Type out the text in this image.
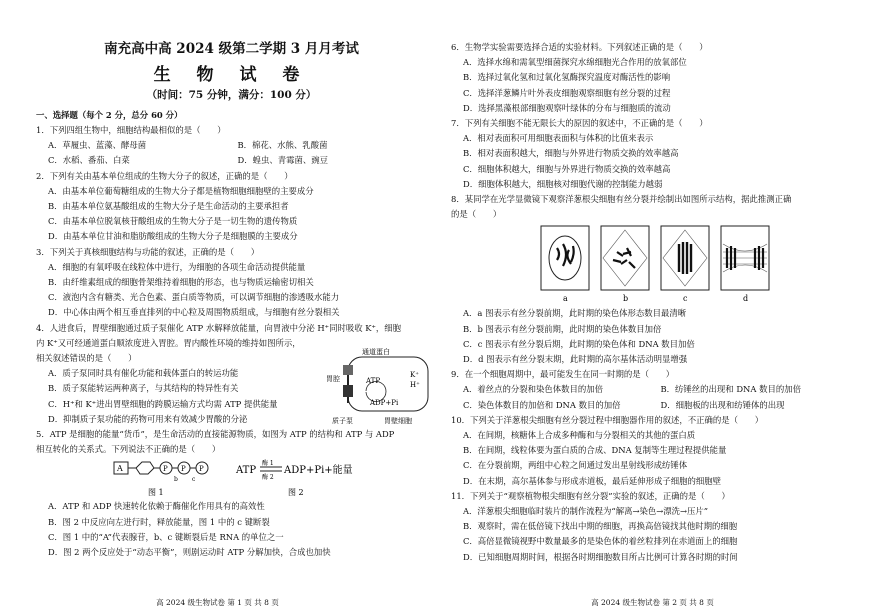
南充高中高 2024 级第二学期 3 月月考试

生 物 试 卷

（时间：75 分钟，满分：100 分）

一、选择题（每个 2 分，总分 60 分）
1．下列四组生物中，细胞结构最相似的是（　　）
A．草履虫、蓝藻、酵母菌	B．棉花、水熊、乳酸菌
C．水稻、番茄、白菜	D．蝗虫、青霉菌、豌豆
2．下列有关由基本单位组成的生物大分子的叙述，正确的是（　　）
A．由基本单位葡萄糖组成的生物大分子都是植物细胞细胞壁的主要成分
B．由基本单位氨基酸组成的生物大分子是生命活动的主要承担者
C．由基本单位脱氧核苷酸组成的生物大分子是一切生物的遗传物质
D．由基本单位甘油和脂肪酸组成的生物大分子是细胞膜的主要成分
3．下列关于真核细胞结构与功能的叙述，正确的是（　　）
A．细胞的有氧呼吸在线粒体中进行，为细胞的各项生命活动提供能量
B．由纤维素组成的细胞骨架维持着细胞的形态，也与物质运输密切相关
C．液泡内含有糖类、光合色素、蛋白质等物质，可以调节细胞的渗透吸水能力
D．中心体由两个相互垂直排列的中心粒及周围物质组成，与细胞有丝分裂相关
4．人进食后，胃壁细胞通过质子泵催化 ATP 水解释放能量，向胃液中分泌 H⁺同时吸收 K⁺，细胞
内 K⁺又可经通道蛋白顺浓度进入胃腔。胃内酸性环境的维持如图所示，
相关叙述错误的是（　　）
A．质子泵同时具有催化功能和载体蛋白的转运功能
B．质子泵能转运两种离子，与其结构的特异性有关
C．H⁺和 K⁺进出胃壁细胞的跨膜运输方式均需 ATP 提供能量
D．抑制质子泵功能的药物可用来有效减少胃酸的分泌
通道蛋白
胃腔	ATP
ADP+Pi
K⁺
H⁺
质子泵	胃壁细胞
5．ATP 是细胞的能量“货币”，是生命活动的直接能源物质，如图为 ATP 的结构和 ATP 与 ADP
相互转化的关系式。下列说法不正确的是（　　）
A	P P P
b c
图 1
ATP
酶 1
酶 2
ADP+Pi+能量
图 2
A．ATP 和 ADP 快速转化依赖于酶催化作用具有的高效性
B．图 2 中反应向左进行时，释放能量，图 1 中的 c 键断裂
C．图 1 中的“A”代表腺苷，b、c 键断裂后是 RNA 的单位之一
D．图 2 两个反应处于“动态平衡”，则剧运动时 ATP 分解加快，合成也加快
高 2024 级生物试卷 第 1 页 共 8 页
6．生物学实验需要选择合适的实验材料。下列叙述正确的是（　　）
A．选择水绵和需氧型细菌探究水绵细胞光合作用的放氧部位
B．选择过氧化氢和过氧化氢酶探究温度对酶活性的影响
C．选择洋葱鳞片叶外表皮细胞观察细胞有丝分裂的过程
D．选择黑藻根部细胞观察叶绿体的分布与细胞质的流动
7．下列有关细胞不能无限长大的原因的叙述中，不正确的是（　　）
A．相对表面积可用细胞表面积与体积的比值来表示
B．相对表面积越大，细胞与外界进行物质交换的效率越高
C．细胞体积越大，细胞与外界进行物质交换的效率越高
D．细胞体积越大，细胞核对细胞代谢的控制能力越弱
8．某同学在光学显微镜下观察洋葱根尖细胞有丝分裂并绘制出如图所示结构，据此推测正确
的是（　　）
a	b	c	d
A．a 图表示有丝分裂前期，此时期的染色体形态数目最清晰
B．b 图表示有丝分裂前期，此时期的染色体数目加倍
C．c 图表示有丝分裂后期，此时期的染色体和 DNA 数目加倍
D．d 图表示有丝分裂末期，此时期的高尔基体活动明显增强
9．在一个细胞周期中，最可能发生在同一时期的是（　　）
A．着丝点的分裂和染色体数目的加倍	B．纺锤丝的出现和 DNA 数目的加倍
C．染色体数目的加倍和 DNA 数目的加倍	D．细胞板的出现和纺锤体的出现
10．下列关于洋葱根尖细胞有丝分裂过程中细胞器作用的叙述，不正确的是（　　）
A．在间期，核糖体上合成多种酶和与分裂相关的其他的蛋白质
B．在间期，线粒体要为蛋白质的合成、DNA 复制等生理过程提供能量
C．在分裂前期，两组中心粒之间通过发出星射线形成纺锤体
D．在末期，高尔基体参与形成赤道板，最后延伸形成子细胞的细胞壁
11．下列关于“观察植物根尖细胞有丝分裂”实验的叙述，正确的是（　　）
A．洋葱根尖细胞临时装片的制作流程为“解离→染色→漂洗→压片”
B．观察时，需在低倍镜下找出中期的细胞，再换高倍镜找其他时期的细胞
C．高倍显微镜视野中数量最多的是染色体的着丝粒排列在赤道面上的细胞
D．已知细胞周期时间，根据各时期细胞数目所占比例可计算各时期的时间
高 2024 级生物试卷 第 2 页 共 8 页
